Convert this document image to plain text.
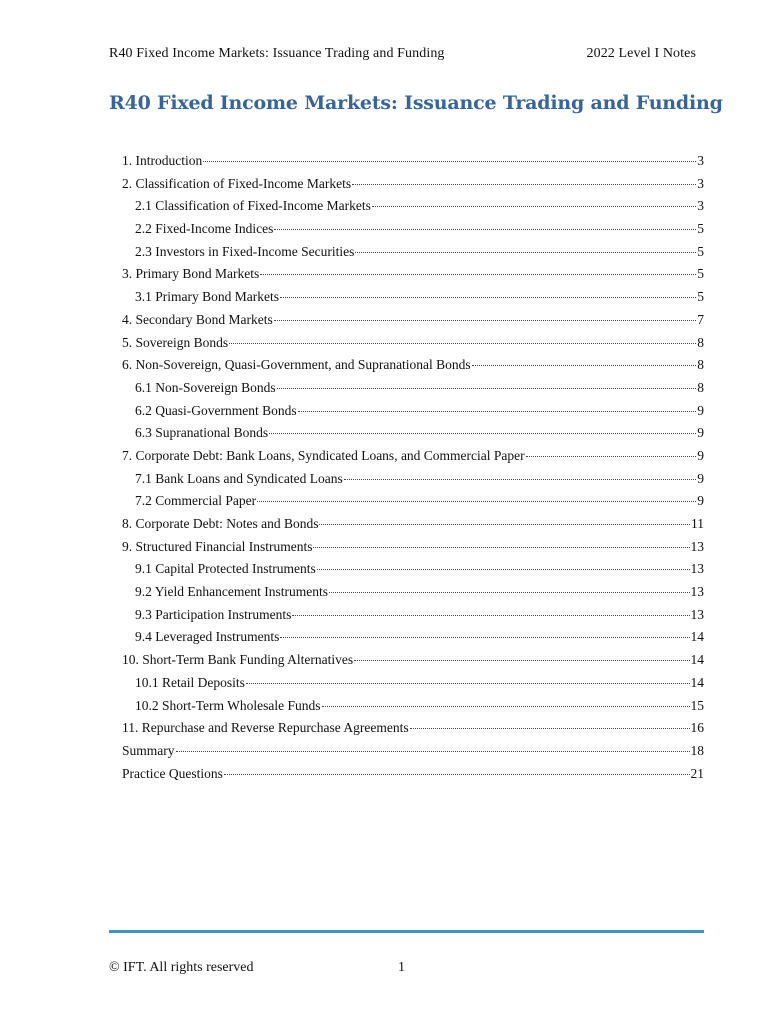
R40 Fixed Income Markets: Issuance Trading and Funding	2022 Level I Notes
R40 Fixed Income Markets: Issuance Trading and Funding
1. Introduction	3
2. Classification of Fixed-Income Markets	3
2.1 Classification of Fixed-Income Markets	3
2.2 Fixed-Income Indices	5
2.3 Investors in Fixed-Income Securities	5
3. Primary Bond Markets	5
3.1 Primary Bond Markets	5
4. Secondary Bond Markets	7
5. Sovereign Bonds	8
6. Non-Sovereign, Quasi-Government, and Supranational Bonds	8
6.1 Non-Sovereign Bonds	8
6.2 Quasi-Government Bonds	9
6.3 Supranational Bonds	9
7. Corporate Debt: Bank Loans, Syndicated Loans, and Commercial Paper	9
7.1 Bank Loans and Syndicated Loans	9
7.2 Commercial Paper	9
8. Corporate Debt: Notes and Bonds	11
9. Structured Financial Instruments	13
9.1 Capital Protected Instruments	13
9.2 Yield Enhancement Instruments	13
9.3 Participation Instruments	13
9.4 Leveraged Instruments	14
10. Short-Term Bank Funding Alternatives	14
10.1 Retail Deposits	14
10.2 Short-Term Wholesale Funds	15
11. Repurchase and Reverse Repurchase Agreements	16
Summary	18
Practice Questions	21
© IFT. All rights reserved	1
